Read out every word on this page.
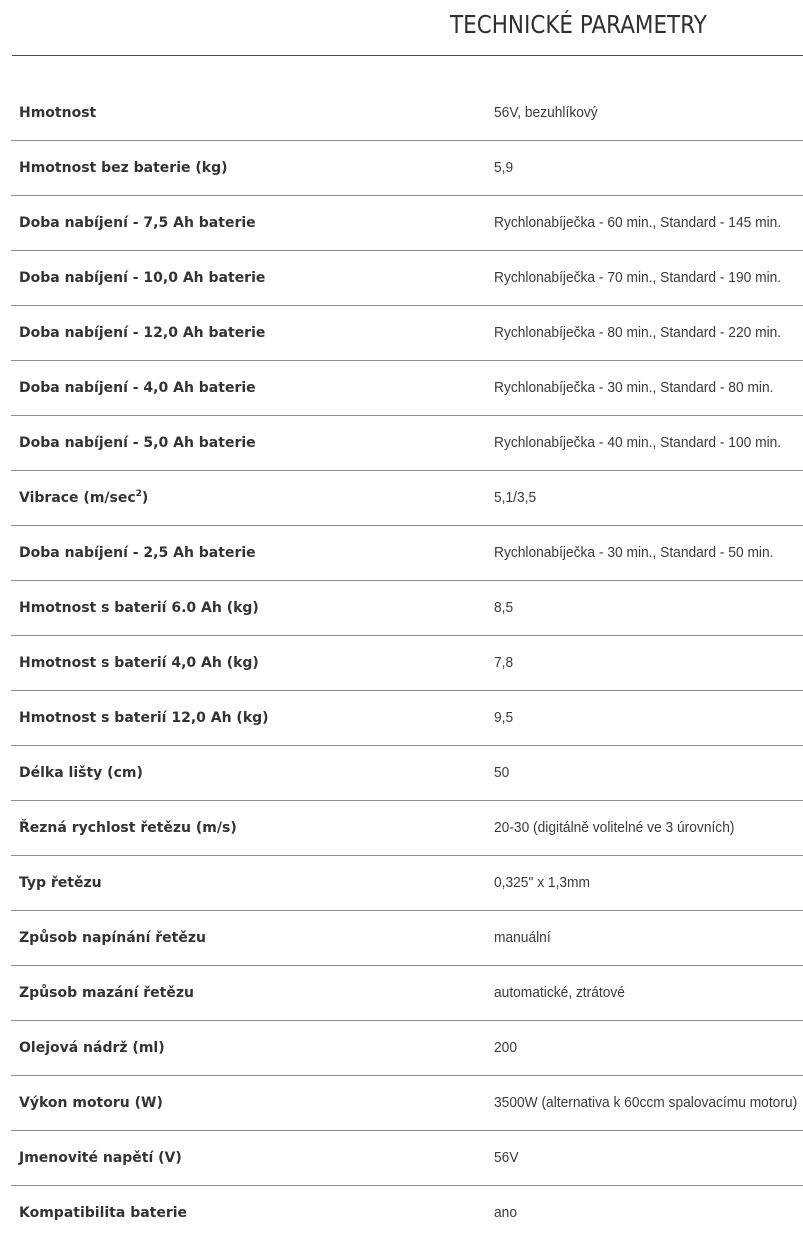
TECHNICKÉ PARAMETRY
Hmotnost	56V, bezuhlíkový
Hmotnost bez baterie (kg)	5,9
Doba nabíjení - 7,5 Ah baterie	Rychlonabíječka - 60 min., Standard - 145 min.
Doba nabíjení - 10,0 Ah baterie	Rychlonabíječka - 70 min., Standard - 190 min.
Doba nabíjení - 12,0 Ah baterie	Rychlonabíječka - 80 min., Standard - 220 min.
Doba nabíjení - 4,0 Ah baterie	Rychlonabíječka - 30 min., Standard - 80 min.
Doba nabíjení - 5,0 Ah baterie	Rychlonabíječka - 40 min., Standard - 100 min.
Vibrace $(m/\sec^2)$	5,1/3,5
Doba nabíjení - 2,5 Ah baterie	Rychlonabíječka - 30 min., Standard - 50 min.
Hmotnost s baterií 6.0 Ah (kg)	8,5
Hmotnost s baterií 4,0 Ah (kg)	7,8
Hmotnost s baterií 12,0 Ah (kg)	9,5
Délka lišty (cm)	50
Řezná rychlost řetězu (m/s)	20-30 (digitálně volitelné ve 3 úrovních)
Typ řetězu	0,325" x 1,3mm
Způsob napínání řetězu	manuální
Způsob mazání řetězu	automatické, ztrátové
Olejová nádrž (ml)	200
Výkon motoru (W)	3500W (alternativa k 60ccm spalovacímu motoru)
Jmenovité napětí (V)	56V
Kompatibilita baterie	ano
